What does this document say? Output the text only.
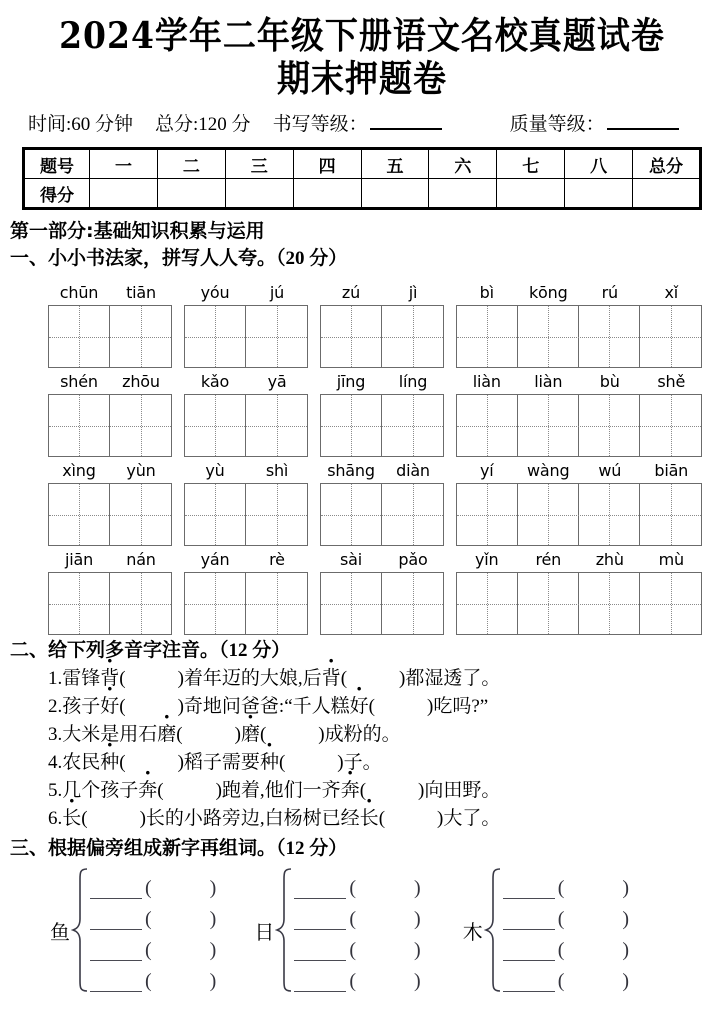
2024学年二年级下册语文名校真题试卷
期末押题卷
时间:60 分钟 总分:120 分 书写等级：	质量等级：
题号	一	二	三	四	五	六	七	八	总分
得分									
第一部分:基础知识积累与运用
一、小小书法家，拼写人人夸。（20 分）
chūn	tiān	yóu	jú	zú	jì	bì	kōng	rú	xǐ
shén	zhōu	kǎo	yā	jīng	líng	liàn	liàn	bù	shě
xìng	yùn	yù	shì	shāng	diàn	yí	wàng	wú	biān
jiān	nán	yán	rè	sài	pǎo	yǐn	rén	zhù	mù
二、给下列多音字注音。（12 分）
1.雷锋背(	)着年迈的大娘,后背(	)都湿透了。
2.孩子好(	)奇地问爸爸:“千人糕好(	)吃吗?”
3.大米是用石磨(	)磨(	)成粉的。
4.农民种(	)稻子需要种(	)子。
5.几个孩子奔(	)跑着,他们一齐奔(	)向田野。
6.长(	)长的小路旁边,白杨树已经长(	)大了。
三、根据偏旁组成新字再组词。（12 分）
鱼
(	)
(	)
(	)
(	)
日
(	)
(	)
(	)
(	)
木
(	)
(	)
(	)
(	)
